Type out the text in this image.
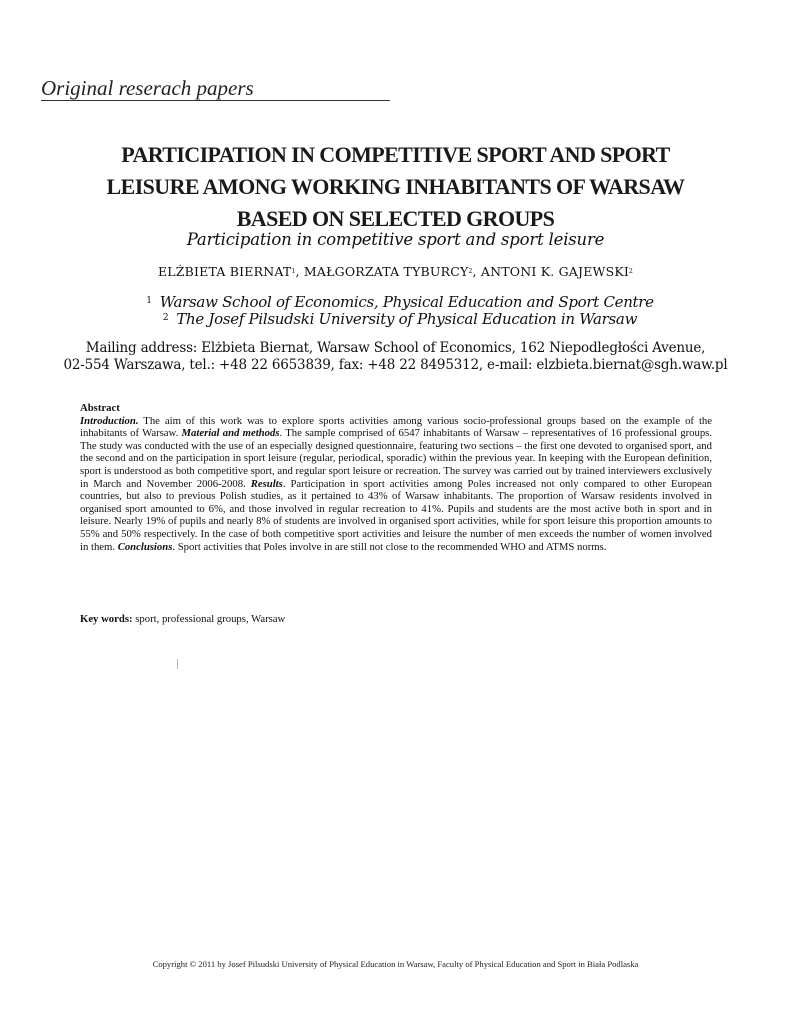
Original reserach papers
PARTICIPATION IN COMPETITIVE SPORT AND SPORT
LEISURE AMONG WORKING INHABITANTS OF WARSAW
BASED ON SELECTED GROUPS
Participation in competitive sport and sport leisure
ELŻBIETA BIERNAT$^1$, MAŁGORZATA TYBURCY$^2$, ANTONI K. GAJEWSKI$^2$
$^1$ Warsaw School of Economics, Physical Education and Sport Centre
$^2$ The Josef Pilsudski University of Physical Education in Warsaw
Mailing address: Elżbieta Biernat, Warsaw School of Economics, 162 Niepodległości Avenue,
02-554 Warszawa, tel.: +48 22 6653839, fax: +48 22 8495312, e-mail: elzbieta.biernat@sgh.waw.pl
Abstract
Introduction. The aim of this work was to explore sports activities among various socio-professional groups based on the example of the inhabitants of Warsaw. Material and methods. The sample comprised of 6547 inhabitants of Warsaw – representatives of 16 professional groups. The study was conducted with the use of an especially designed questionnaire, featuring two sections – the first one devoted to organised sport, and the second and on the participation in sport leisure (regular, periodical, sporadic) within the previous year. In keeping with the European definition, sport is understood as both competitive sport, and regular sport leisure or recreation. The survey was carried out by trained interviewers exclusively in March and November 2006-2008. Results. Participation in sport activities among Poles increased not only compared to other European countries, but also to previous Polish studies, as it pertained to 43% of Warsaw inhabitants. The proportion of Warsaw residents involved in organised sport amounted to 6%, and those involved in regular recreation to 41%. Pupils and students are the most active both in sport and in leisure. Nearly 19% of pupils and nearly 8% of students are involved in organised sport activities, while for sport leisure this proportion amounts to 55% and 50% respectively. In the case of both competitive sport activities and leisure the number of men exceeds the number of women involved in them. Conclusions. Sport activities that Poles involve in are still not close to the recommended WHO and ATMS norms.
Key words: sport, professional groups, Warsaw
Copyright © 2011 by Josef Pilsudski University of Physical Education in Warsaw, Faculty of Physical Education and Sport in Biała Podlaska
